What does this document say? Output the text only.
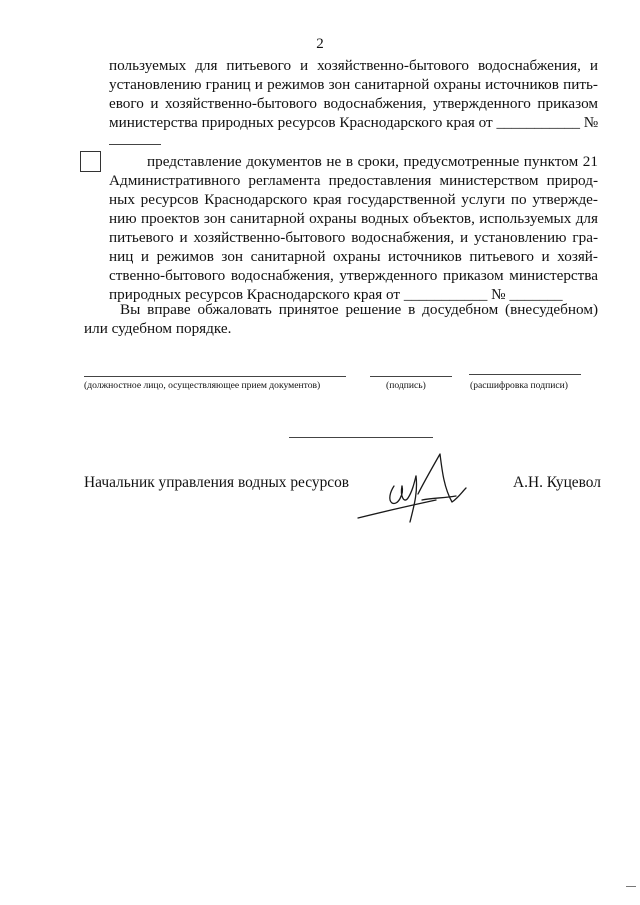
2
пользуемых для питьевого и хозяйственно-бытового водоснабжения, и
установлению границ и режимов зон санитарной охраны источников пить-
евого и хозяйственно-бытового водоснабжения, утвержденного приказом
министерства природных ресурсов Краснодарского края от ___________ №
представление документов не в сроки, предусмотренные пунктом 21
Административного регламента предоставления министерством природ-
ных ресурсов Краснодарского края государственной услуги по утвержде-
нию проектов зон санитарной охраны водных объектов, используемых для
питьевого и хозяйственно-бытового водоснабжения, и установлению гра-
ниц и режимов зон санитарной охраны источников питьевого и хозяй-
ственно-бытового водоснабжения, утвержденного приказом министерства
природных ресурсов Краснодарского края от ___________ № _______
Вы вправе обжаловать принятое решение в досудебном (внесудебном)
или судебном порядке.
(должностное лицо, осуществляющее прием документов)	(подпись)	(расшифровка подписи)
Начальник управления водных ресурсов	А.Н. Куцевол
